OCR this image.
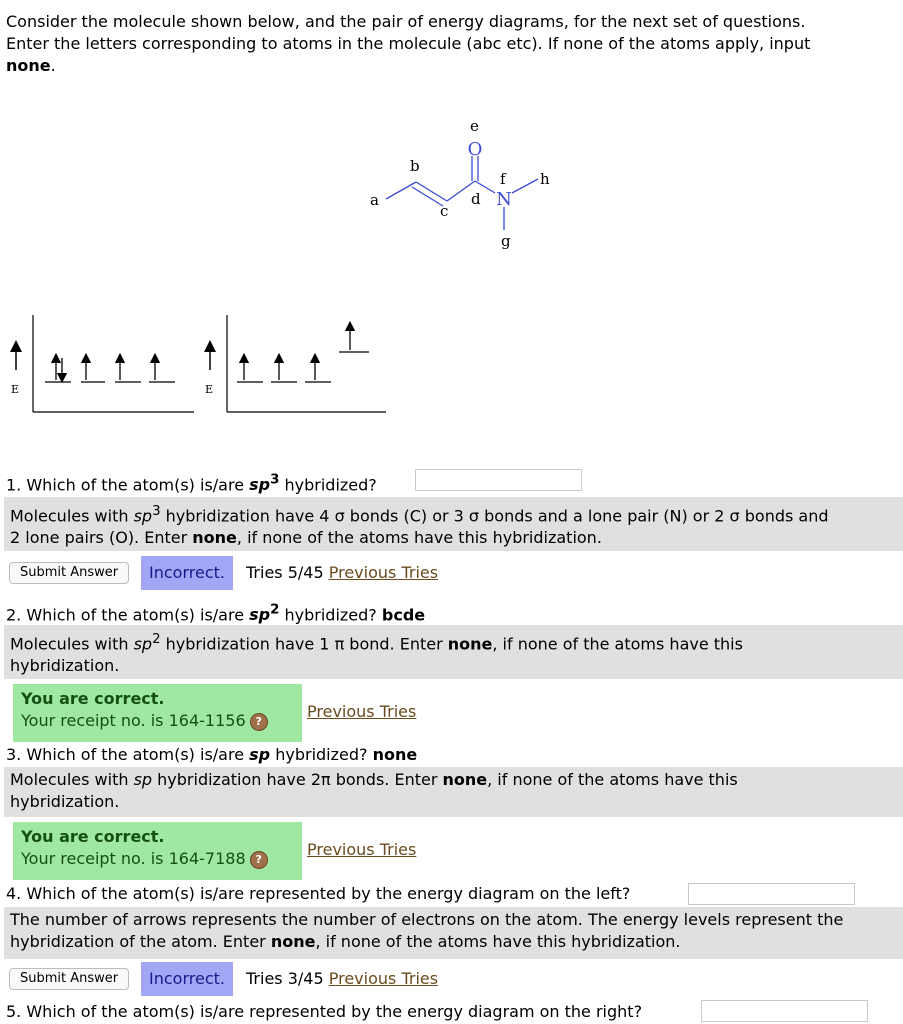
Consider the molecule shown below, and the pair of energy diagrams, for the next set of questions.
Enter the letters corresponding to atoms in the molecule (abc etc). If none of the atoms apply, input
none.
O
N
a
b
c
d
e
f
g
h
E	E
1. Which of the atom(s) is/are $sp^3$ hybridized?
Molecules with $sp^3$ hybridization have 4 σ bonds (C) or 3 σ bonds and a lone pair (N) or 2 σ bonds and
2 lone pairs (O). Enter none, if none of the atoms have this hybridization.
Submit Answer	Incorrect.	Tries 5/45 Previous Tries
2. Which of the atom(s) is/are $sp^2$ hybridized? bcde
Molecules with $sp^2$ hybridization have 1 π bond. Enter none, if none of the atoms have this
hybridization.
You are correct.
Your receipt no. is 164-1156 ?	Previous Tries
3. Which of the atom(s) is/are sp hybridized? none
Molecules with sp hybridization have 2π bonds. Enter none, if none of the atoms have this
hybridization.
You are correct.
Your receipt no. is 164-7188 ?	Previous Tries
4. Which of the atom(s) is/are represented by the energy diagram on the left?
The number of arrows represents the number of electrons on the atom. The energy levels represent the
hybridization of the atom. Enter none, if none of the atoms have this hybridization.
Submit Answer	Incorrect.	Tries 3/45 Previous Tries
5. Which of the atom(s) is/are represented by the energy diagram on the right?
